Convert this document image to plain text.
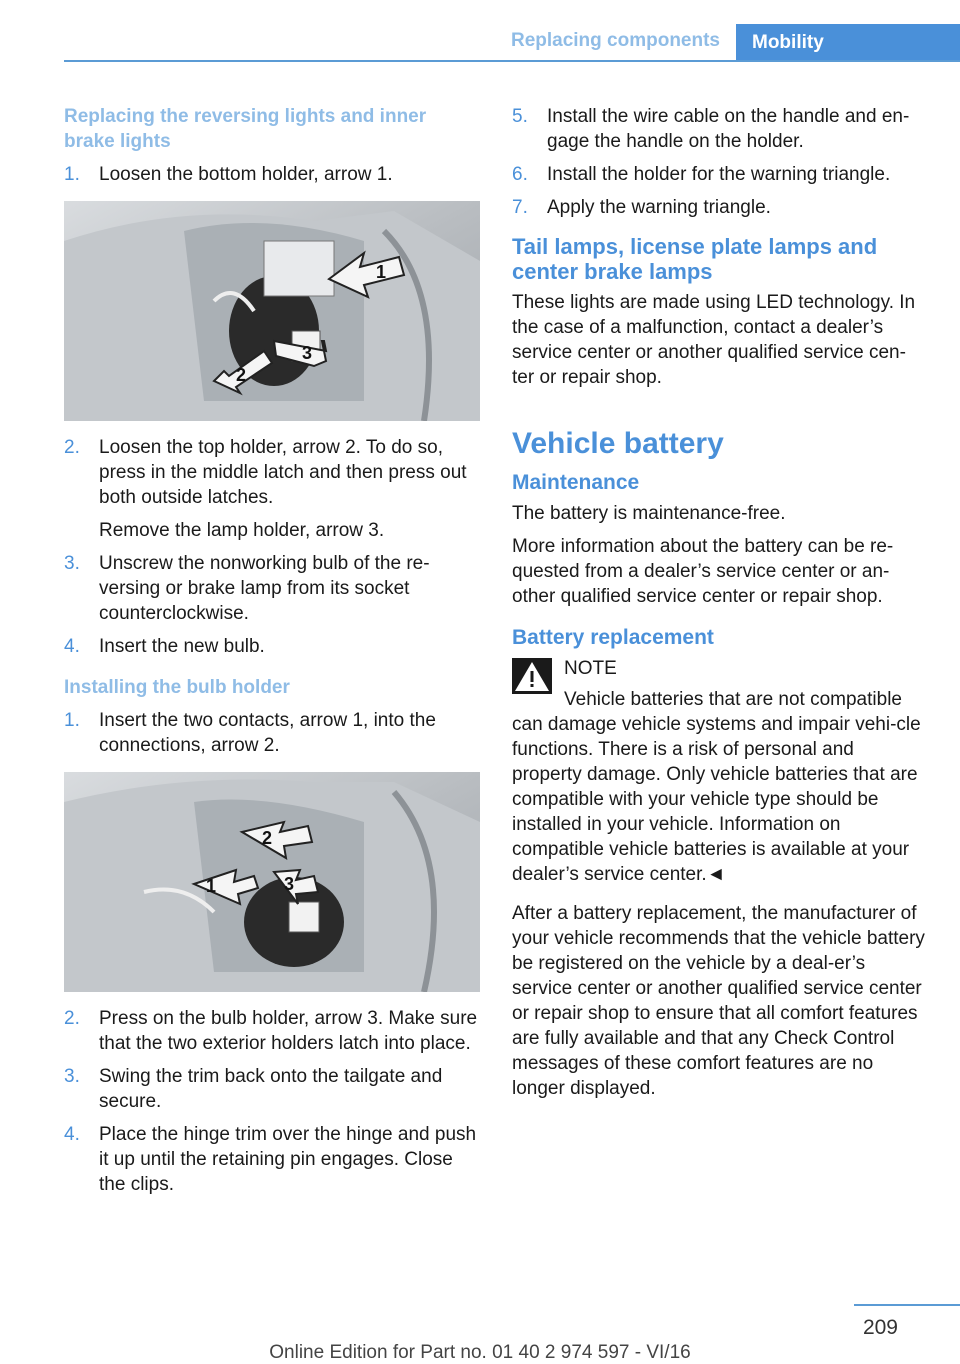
Replacing components	Mobility

Replacing the reversing lights and inner brake lights

1. Loosen the bottom holder, arrow 1.
1
2
3
2. Loosen the top holder, arrow 2. To do so, press in the middle latch and then press out both outside latches.
Remove the lamp holder, arrow 3.
3. Unscrew the nonworking bulb of the re‐versing or brake lamp from its socket counterclockwise.
4. Insert the new bulb.

Installing the bulb holder

1. Insert the two contacts, arrow 1, into the connections, arrow 2.
1
2
3
2. Press on the bulb holder, arrow 3. Make sure that the two exterior holders latch into place.
3. Swing the trim back onto the tailgate and secure.
4. Place the hinge trim over the hinge and push it up until the retaining pin engages. Close the clips.
5. Install the wire cable on the handle and en‐gage the handle on the holder.
6. Install the holder for the warning triangle.
7. Apply the warning triangle.

Tail lamps, license plate lamps and center brake lamps

These lights are made using LED technology. In the case of a malfunction, contact a dealer’s service center or another qualified service cen‐ter or repair shop.

Vehicle battery

Maintenance

The battery is maintenance-free.

More information about the battery can be re‐quested from a dealer’s service center or an‐other qualified service center or repair shop.

Battery replacement

NOTE

Vehicle batteries that are not compatible can damage vehicle systems and impair vehi‐cle functions. There is a risk of personal and property damage. Only vehicle batteries that are compatible with your vehicle type should be installed in your vehicle. Information on compatible vehicle batteries is available at your dealer’s service center.◄

After a battery replacement, the manufacturer of your vehicle recommends that the vehicle battery be registered on the vehicle by a deal‐er’s service center or another qualified service center or repair shop to ensure that all comfort features are fully available and that any Check Control messages of these comfort features are no longer displayed.

209
Online Edition for Part no. 01 40 2 974 597 - VI/16
